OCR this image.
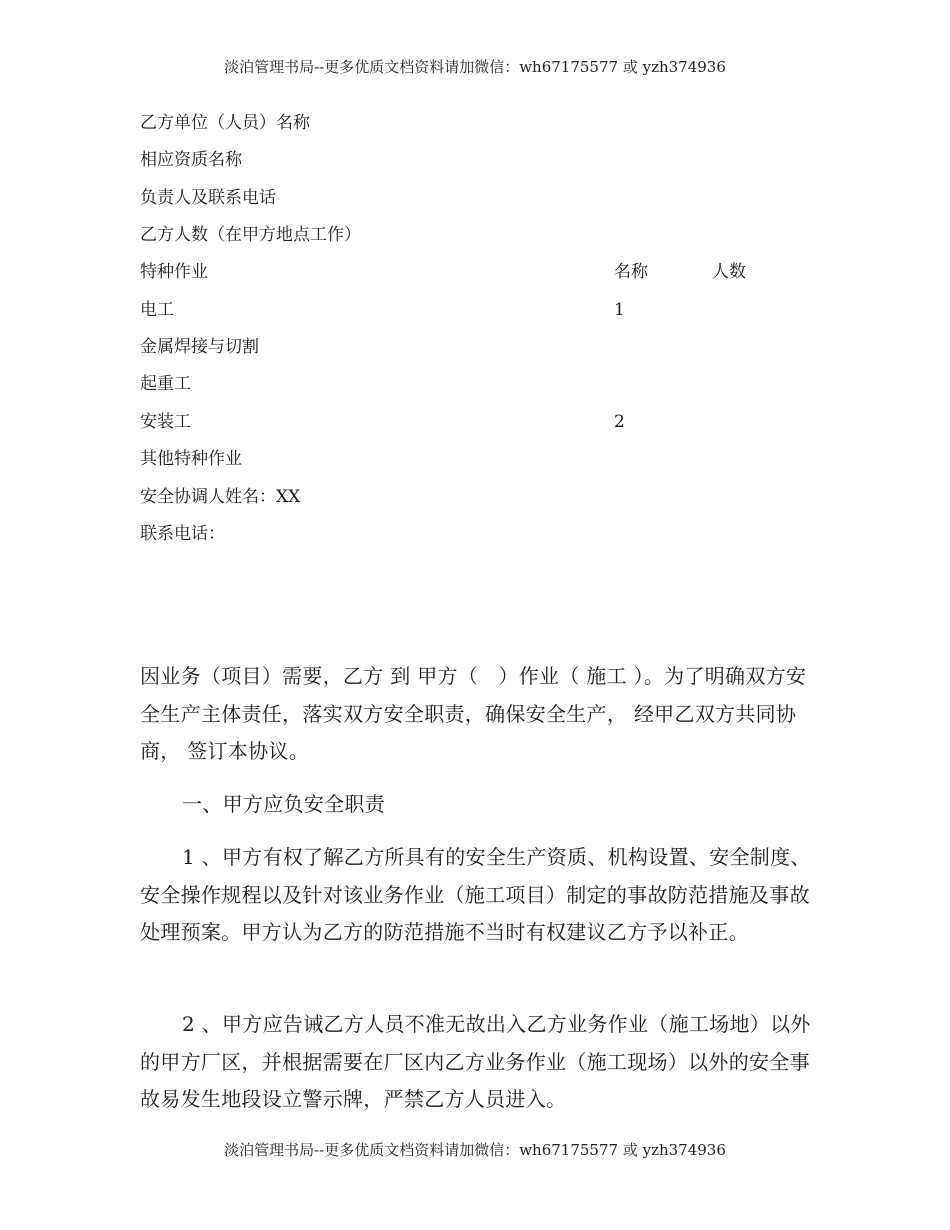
淡泊管理书局--更多优质文档资料请加微信：wh67175577 或 yzh374936
乙方单位（人员）名称
相应资质名称
负责人及联系电话
乙方人数（在甲方地点工作）
特种作业	名称	人数
电工	1
金属焊接与切割
起重工
安装工	2
其他特种作业
安全协调人姓名：XX
联系电话：

因业务（项目）需要，乙方 到 甲方（　）作业（ 施工 ）。为了明确双方安全生产主体责任，落实双方安全职责，确保安全生产， 经甲乙双方共同协商， 签订本协议。

一、甲方应负安全职责

1 、甲方有权了解乙方所具有的安全生产资质、机构设置、安全制度、安全操作规程以及针对该业务作业（施工项目）制定的事故防范措施及事故处理预案。甲方认为乙方的防范措施不当时有权建议乙方予以补正。

2 、甲方应告诫乙方人员不准无故出入乙方业务作业（施工场地）以外的甲方厂区，并根据需要在厂区内乙方业务作业（施工现场）以外的安全事故易发生地段设立警示牌，严禁乙方人员进入。

淡泊管理书局--更多优质文档资料请加微信：wh67175577 或 yzh374936
